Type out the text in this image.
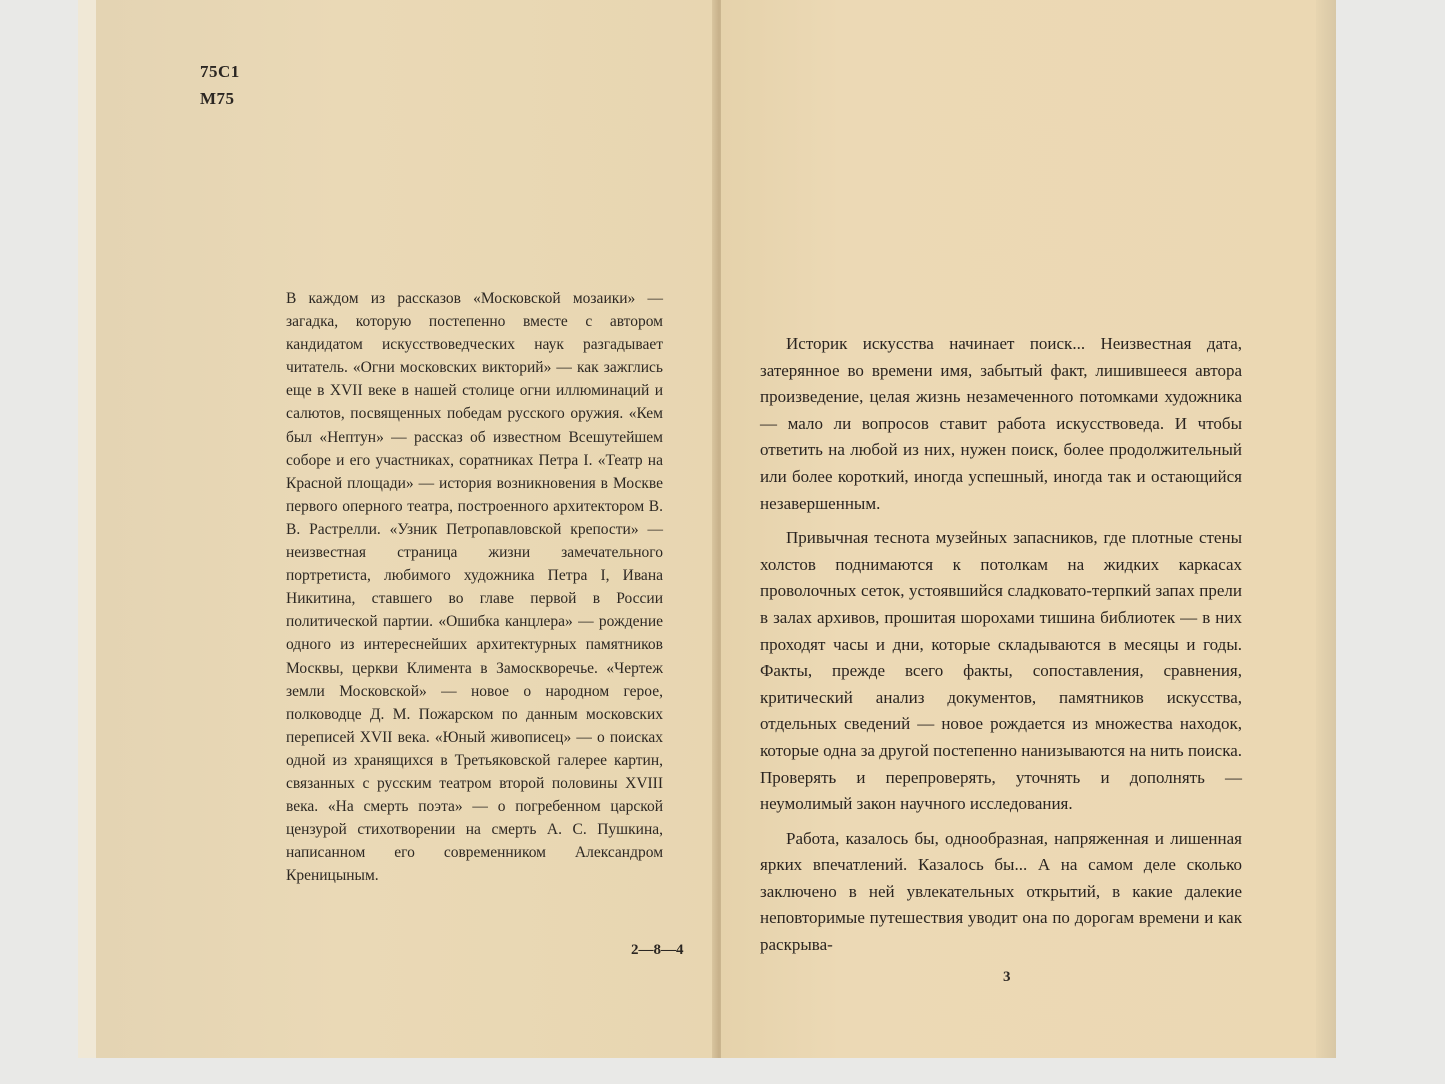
75С1
М75
В каждом из рассказов «Московской мозаики» — загадка, которую постепенно вместе с автором кандидатом искусствоведческих наук разгадывает читатель. «Огни московских викторий» — как зажглись еще в XVII веке в нашей столице огни иллюминаций и салютов, посвященных победам русского оружия. «Кем был «Нептун» — рассказ об известном Всешутейшем соборе и его участниках, соратниках Петра I. «Театр на Красной площади» — история возникновения в Москве первого оперного театра, построенного архитектором В. В. Растрелли. «Узник Петропавловской крепости» — неизвестная страница жизни замечательного портретиста, любимого художника Петра I, Ивана Никитина, ставшего во главе первой в России политической партии. «Ошибка канцлера» — рождение одного из интереснейших архитектурных памятников Москвы, церкви Климента в Замоскворечье. «Чертеж земли Московской» — новое о народном герое, полководце Д. М. Пожарском по данным московских переписей XVII века. «Юный живописец» — о поисках одной из хранящихся в Третьяковской галерее картин, связанных с русским театром второй половины XVIII века. «На смерть поэта» — о погребенном царской цензурой стихотворении на смерть А. С. Пушкина, написанном его современником Александром Креницыным.
2—8—4

Историк искусства начинает поиск... Неизвестная дата, затерянное во времени имя, забытый факт, лишившееся автора произведение, целая жизнь незамеченного потомками художника — мало ли вопросов ставит работа искусствоведа. И чтобы ответить на любой из них, нужен поиск, более продолжительный или более короткий, иногда успешный, иногда так и остающийся незавершенным.

Привычная теснота музейных запасников, где плотные стены холстов поднимаются к потолкам на жидких каркасах проволочных сеток, устоявшийся сладковато-терпкий запах прели в залах архивов, прошитая шорохами тишина библиотек — в них проходят часы и дни, которые складываются в месяцы и годы. Факты, прежде всего факты, сопоставления, сравнения, критический анализ документов, памятников искусства, отдельных сведений — новое рождается из множества находок, которые одна за другой постепенно нанизываются на нить поиска. Проверять и перепроверять, уточнять и дополнять — неумолимый закон научного исследования.

Работа, казалось бы, однообразная, напряженная и лишенная ярких впечатлений. Казалось бы... А на самом деле сколько заключено в ней увлекательных открытий, в какие далекие неповторимые путешествия уводит она по дорогам времени и как раскрыва-

3
